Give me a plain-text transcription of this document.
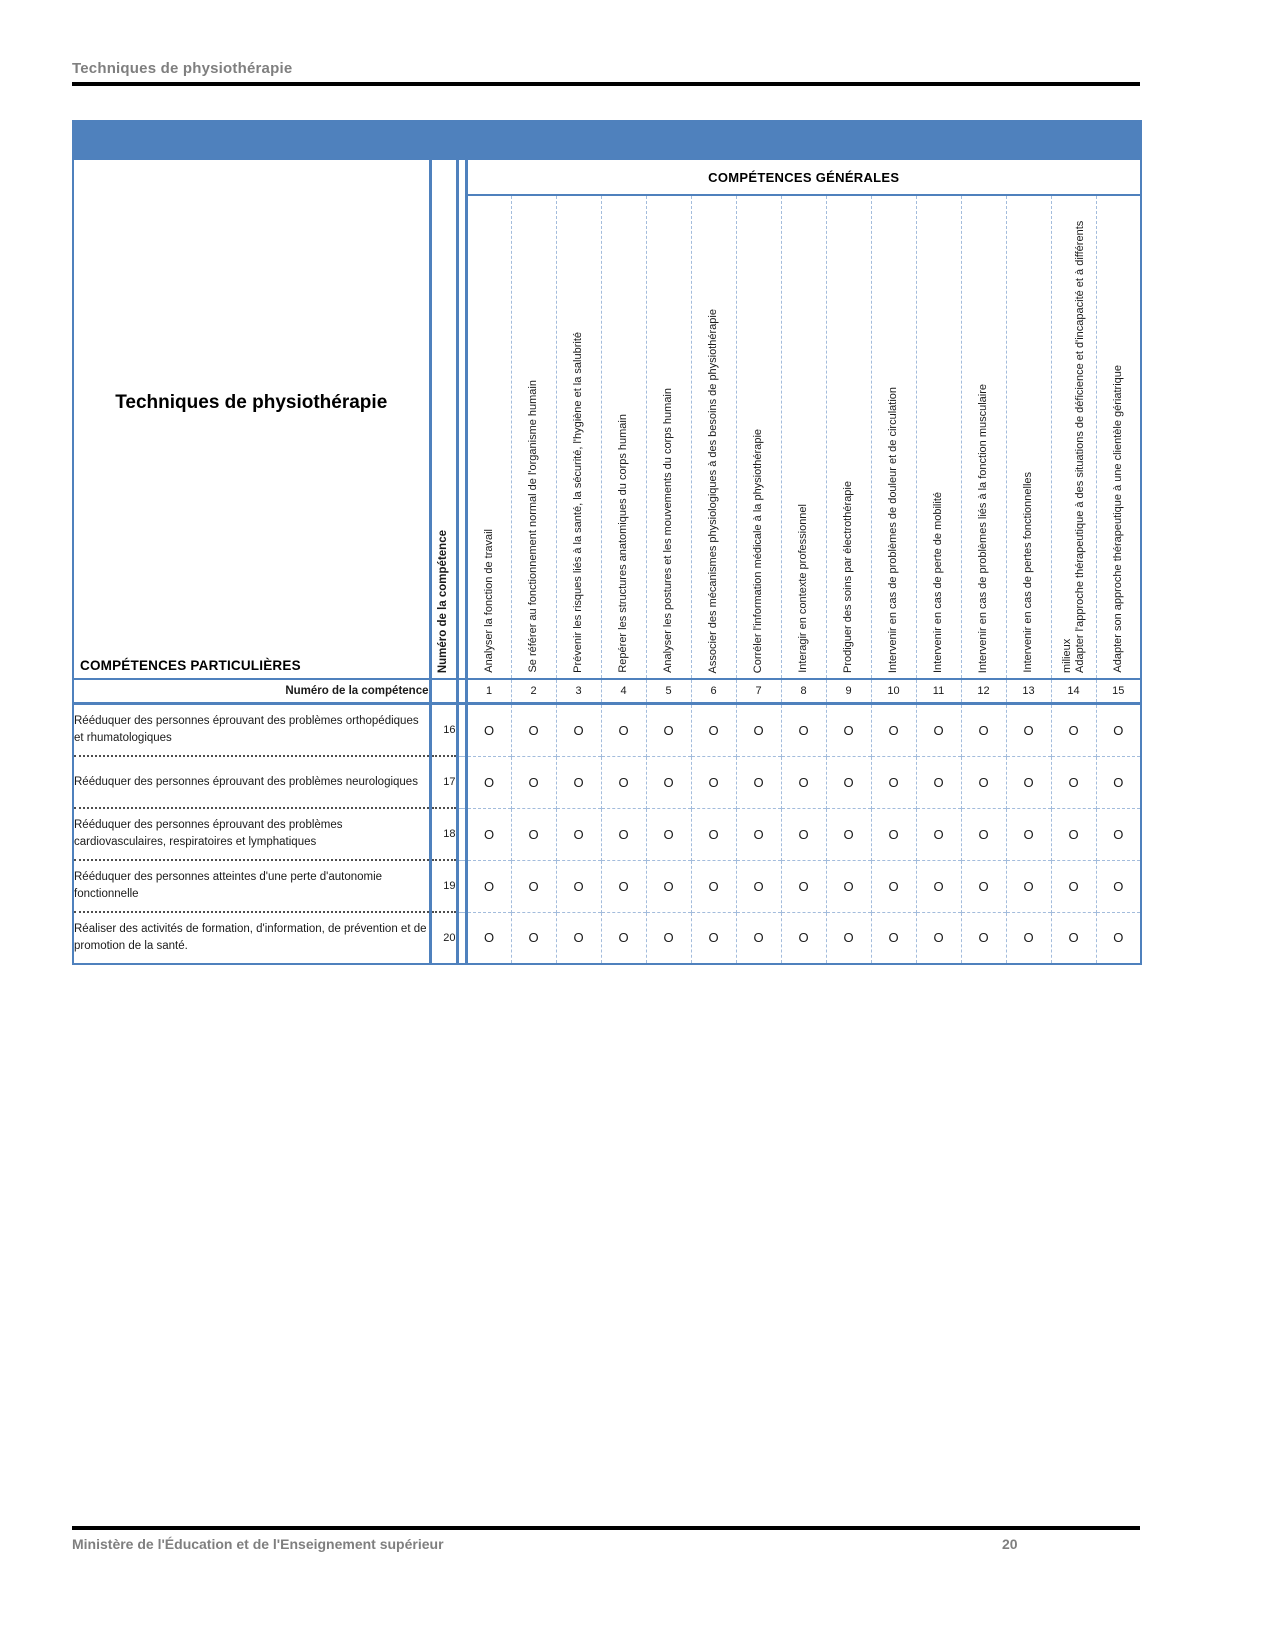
Techniques de physiothérapie

Techniques de physiothérapie
COMPÉTENCES PARTICULIÈRES	Numéro de la compétence		COMPÉTENCES GÉNÉRALES														
			Analyser la fonction de travail	Se référer au fonctionnement normal de l'organisme humain	Prévenir les risques liés à la santé, la sécurité, l'hygiène et la salubrité	Repérer les structures anatomiques du corps humain	Analyser les postures et les mouvements du corps humain	Associer des mécanismes physiologiques à des besoins de physiothérapie	Corréler l'information médicale à la physiothérapie	Interagir en contexte professionnel	Prodiguer des soins par électrothérapie	Intervenir en cas de problèmes de douleur et de circulation	Intervenir en cas de perte de mobilité	Intervenir en cas de problèmes liés à la fonction musculaire	Intervenir en cas de pertes fonctionnelles	Adapter l'approche thérapeutique à des situations de déficience et d'incapacité et à différents milieux	Adapter son approche thérapeutique à une clientèle gériatrique
Numéro de la compétence			1	2	3	4	5	6	7	8	9	10	11	12	13	14	15
Rééduquer des personnes éprouvant des problèmes orthopédiques et rhumatologiques	16		O	O	O	O	O	O	O	O	O	O	O	O	O	O	O
Rééduquer des personnes éprouvant des problèmes neurologiques	17		O	O	O	O	O	O	O	O	O	O	O	O	O	O	O
Rééduquer des personnes éprouvant des problèmes cardiovasculaires, respiratoires et lymphatiques	18		O	O	O	O	O	O	O	O	O	O	O	O	O	O	O
Rééduquer des personnes atteintes d'une perte d'autonomie fonctionnelle	19		O	O	O	O	O	O	O	O	O	O	O	O	O	O	O
Réaliser des activités de formation, d'information, de prévention et de promotion de la santé.	20		O	O	O	O	O	O	O	O	O	O	O	O	O	O	O
Ministère de l'Éducation et de l'Enseignement supérieur	20
